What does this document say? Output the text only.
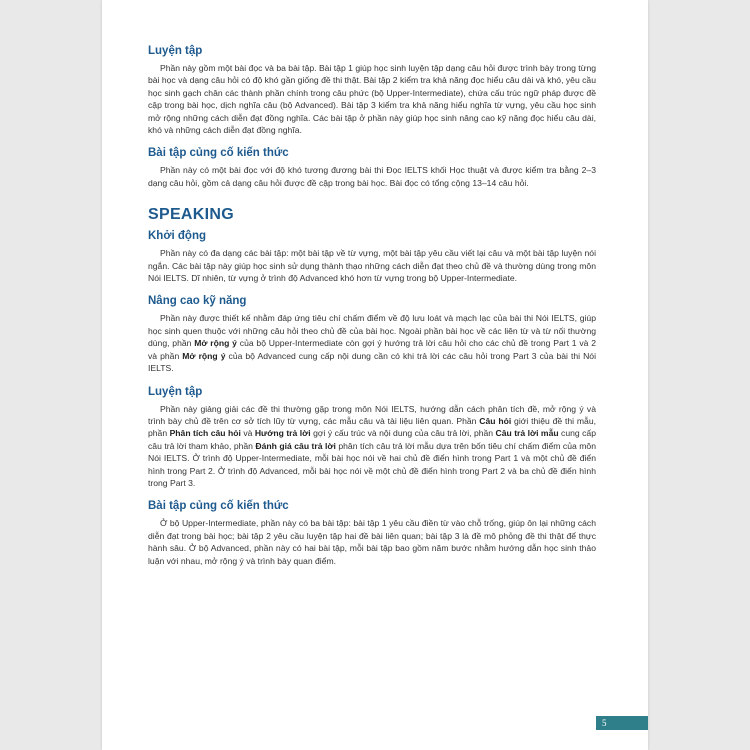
Luyện tập

Phần này gồm một bài đọc và ba bài tập. Bài tập 1 giúp học sinh luyện tập dạng câu hỏi được trình bày trong từng bài học và dạng câu hỏi có độ khó gần giống đề thi thật. Bài tập 2 kiểm tra khả năng đọc hiểu câu dài và khó, yêu cầu học sinh gạch chân các thành phần chính trong câu phức (bộ Upper-Intermediate), chứa cấu trúc ngữ pháp được đề cập trong bài học, dịch nghĩa câu (bộ Advanced). Bài tập 3 kiểm tra khả năng hiểu nghĩa từ vựng, yêu cầu học sinh mở rộng những cách diễn đạt đồng nghĩa. Các bài tập ở phần này giúp học sinh nâng cao kỹ năng đọc hiểu câu dài, khó và những cách diễn đạt đồng nghĩa.

Bài tập củng cố kiến thức

Phần này có một bài đọc với độ khó tương đương bài thi Đọc IELTS khối Học thuật và được kiểm tra bằng 2–3 dạng câu hỏi, gồm cả dạng câu hỏi được đề cập trong bài học. Bài đọc có tổng cộng 13–14 câu hỏi.

SPEAKING
Khởi động

Phần này có đa dạng các bài tập: một bài tập về từ vựng, một bài tập yêu cầu viết lại câu và một bài tập luyện nói ngắn. Các bài tập này giúp học sinh sử dụng thành thạo những cách diễn đạt theo chủ đề và thường dùng trong môn Nói IELTS. Dĩ nhiên, từ vựng ở trình độ Advanced khó hơn từ vựng trong bộ Upper-Intermediate.

Nâng cao kỹ năng

Phần này được thiết kế nhằm đáp ứng tiêu chí chấm điểm về độ lưu loát và mạch lạc của bài thi Nói IELTS, giúp học sinh quen thuộc với những câu hỏi theo chủ đề của bài học. Ngoài phần bài học về các liên từ và từ nối thường dùng, phần Mở rộng ý của bộ Upper-Intermediate còn gợi ý hướng trả lời câu hỏi cho các chủ đề trong Part 1 và 2 và phần Mở rộng ý của bộ Advanced cung cấp nội dung cần có khi trả lời các câu hỏi trong Part 3 của bài thi Nói IELTS.

Luyện tập

Phần này giảng giải các đề thi thường gặp trong môn Nói IELTS, hướng dẫn cách phân tích đề, mở rộng ý và trình bày chủ đề trên cơ sở tích lũy từ vựng, các mẫu câu và tài liệu liên quan. Phần Câu hỏi giới thiệu đề thi mẫu, phần Phân tích câu hỏi và Hướng trả lời gợi ý cấu trúc và nội dung của câu trả lời, phần Câu trả lời mẫu cung cấp câu trả lời tham khảo, phần Đánh giá câu trả lời phân tích câu trả lời mẫu dựa trên bốn tiêu chí chấm điểm của môn Nói IELTS. Ở trình độ Upper-Intermediate, mỗi bài học nói về hai chủ đề điển hình trong Part 1 và một chủ đề điển hình trong Part 2. Ở trình độ Advanced, mỗi bài học nói về một chủ đề điển hình trong Part 2 và ba chủ đề điển hình trong Part 3.

Bài tập củng cố kiến thức

Ở bộ Upper-Intermediate, phần này có ba bài tập: bài tập 1 yêu cầu điền từ vào chỗ trống, giúp ôn lại những cách diễn đạt trong bài học; bài tập 2 yêu cầu luyện tập hai đề bài liên quan; bài tập 3 là đề mô phỏng đề thi thật để thực hành sâu. Ở bộ Advanced, phần này có hai bài tập, mỗi bài tập bao gồm năm bước nhằm hướng dẫn học sinh thảo luận với nhau, mở rộng ý và trình bày quan điểm.

5
